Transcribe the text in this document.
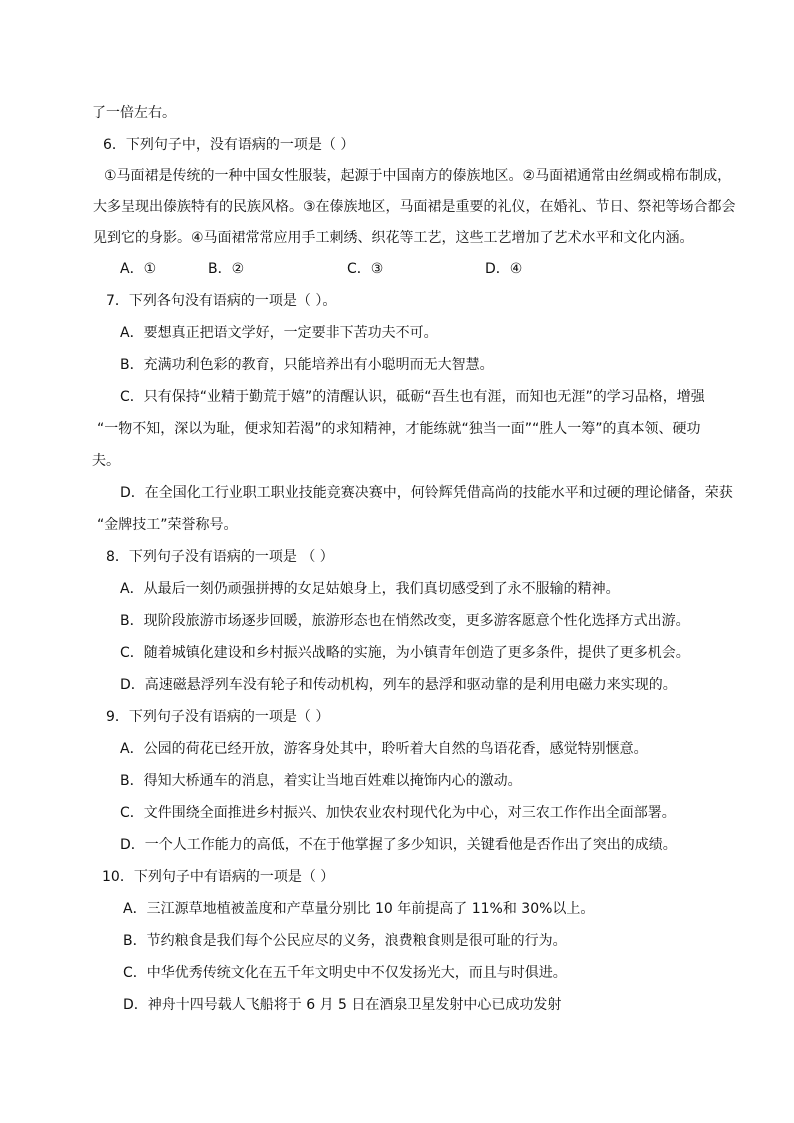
了一倍左右。
6．下列句子中，没有语病的一项是（ ）
①马面裙是传统的一种中国女性服装，起源于中国南方的傣族地区。②马面裙通常由丝绸或棉布制成，
大多呈现出傣族特有的民族风格。③在傣族地区，马面裙是重要的礼仪，在婚礼、节日、祭祀等场合都会
见到它的身影。④马面裙常常应用手工刺绣、织花等工艺，这些工艺增加了艺术水平和文化内涵。
A．①	B．②	C．③	D．④
7．下列各句没有语病的一项是（ ）。
A．要想真正把语文学好，一定要非下苦功夫不可。
B．充满功利色彩的教育，只能培养出有小聪明而无大智慧。
C．只有保持“业精于勤荒于嬉”的清醒认识，砥砺“吾生也有涯，而知也无涯”的学习品格，增强
“一物不知，深以为耻，便求知若渴”的求知精神，才能练就“独当一面”“胜人一筹”的真本领、硬功
夫。
D．在全国化工行业职工职业技能竞赛决赛中，何铃辉凭借高尚的技能水平和过硬的理论储备，荣获
“金牌技工”荣誉称号。
8．下列句子没有语病的一项是 （ ）
A．从最后一刻仍顽强拼搏的女足姑娘身上，我们真切感受到了永不服输的精神。
B．现阶段旅游市场逐步回暖，旅游形态也在悄然改变，更多游客愿意个性化选择方式出游。
C．随着城镇化建设和乡村振兴战略的实施，为小镇青年创造了更多条件，提供了更多机会。
D．高速磁悬浮列车没有轮子和传动机构，列车的悬浮和驱动靠的是利用电磁力来实现的。
9．下列句子没有语病的一项是（ ）
A．公园的荷花已经开放，游客身处其中，聆听着大自然的鸟语花香，感觉特别惬意。
B．得知大桥通车的消息，着实让当地百姓难以掩饰内心的激动。
C．文件围绕全面推进乡村振兴、加快农业农村现代化为中心，对三农工作作出全面部署。
D．一个人工作能力的高低，不在于他掌握了多少知识，关键看他是否作出了突出的成绩。
10．下列句子中有语病的一项是（ ）
A．三江源草地植被盖度和产草量分别比 10 年前提高了 11%和 30%以上。
B．节约粮食是我们每个公民应尽的义务，浪费粮食则是很可耻的行为。
C．中华优秀传统文化在五千年文明史中不仅发扬光大，而且与时俱进。
D．神舟十四号载人飞船将于 6 月 5 日在酒泉卫星发射中心已成功发射
